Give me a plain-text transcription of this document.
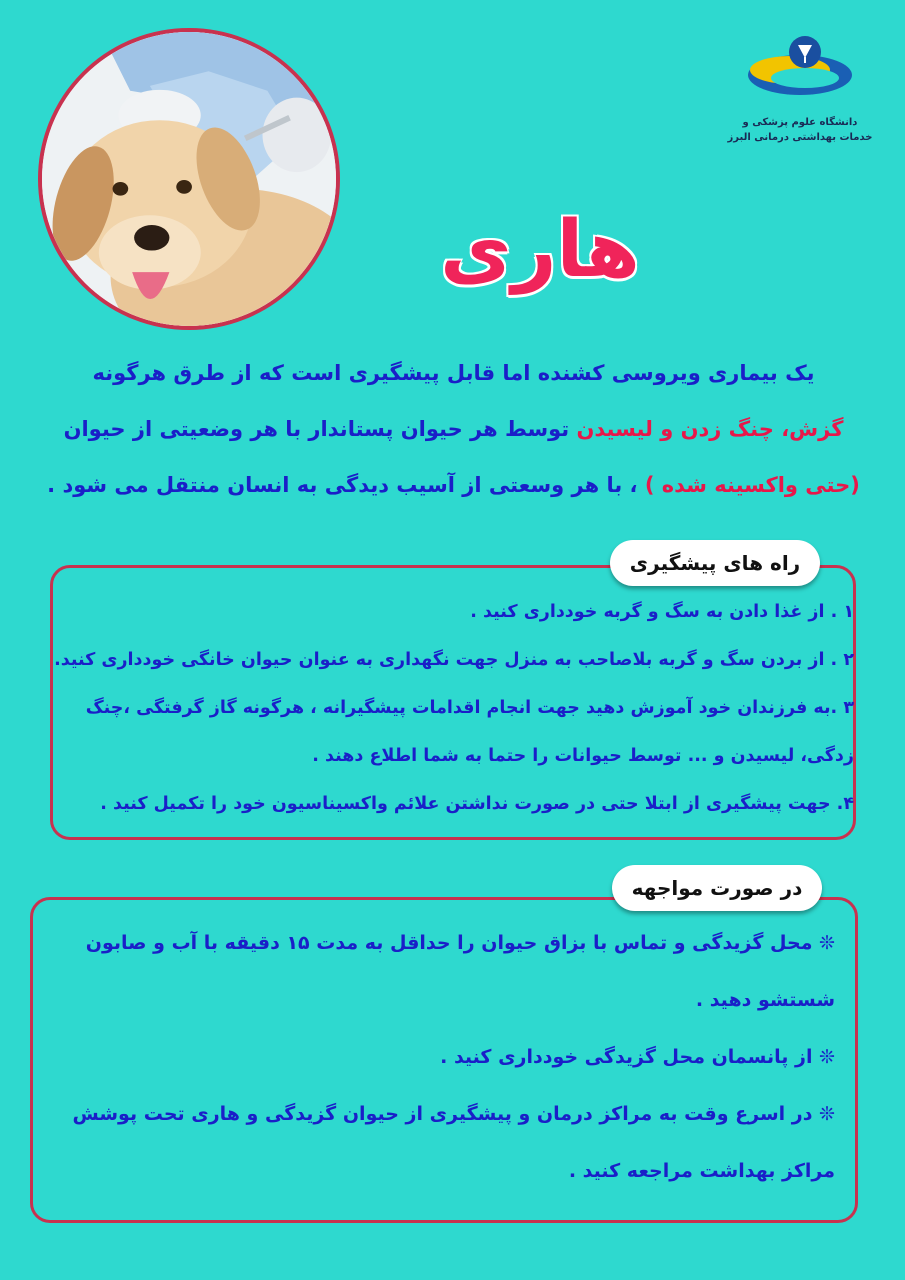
دانشگاه علوم پزشکی و
خدمات بهداشتی درمانی البرز
هاری
یک بیماری ویروسی کشنده اما قابل پیشگیری است که از طرق هرگونه
گزش، چنگ زدن و لیسیدن توسط هر حیوان پستاندار با هر وضعیتی از حیوان
(حتی واکسینه شده ) ، با هر وسعتی از آسیب دیدگی به انسان منتقل می شود .
راه های پیشگیری
۱ . از غذا دادن به سگ و گربه خودداری کنید .
۲ . از بردن سگ و گربه بلاصاحب به منزل جهت نگهداری به عنوان حیوان خانگی خودداری کنید.
۳ .به فرزندان خود آموزش دهید جهت انجام اقدامات پیشگیرانه ، هرگونه گاز گرفتگی ،چنگ
زدگی، لیسیدن و ... توسط حیوانات را حتما به شما اطلاع دهند .
۴. جهت پیشگیری از ابتلا حتی در صورت نداشتن علائم واکسیناسیون خود را تکمیل کنید .
در صورت مواجهه
❊ محل گزیدگی و تماس با بزاق حیوان را حداقل به مدت ۱۵ دقیقه با آب و صابون
شستشو دهید .
❊ از پانسمان محل گزیدگی خودداری کنید .
❊ در اسرع وقت به مراکز درمان و پیشگیری از حیوان گزیدگی و هاری تحت پوشش
مراکز بهداشت مراجعه کنید .
